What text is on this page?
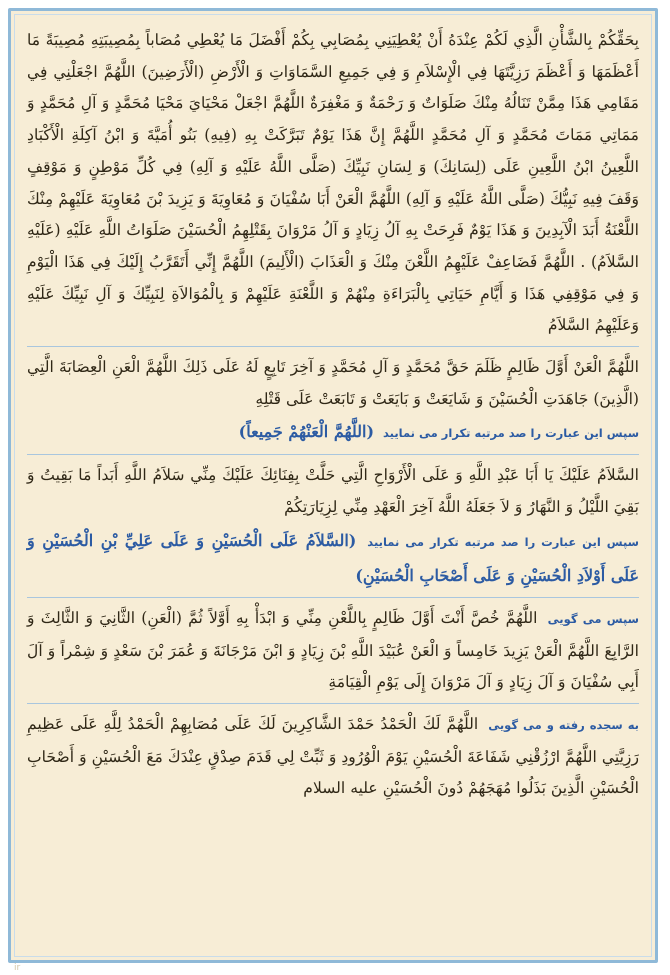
بِحَقِّكُمْ بِالشَّأْنِ الَّذِي لَكُمْ عِنْدَهُ أَنْ يُعْطِيَنِي بِمُصَابِي بِكُمْ أَفْضَلَ مَا يُعْطِي مُصَاباً بِمُصِيبَتِهِ مُصِيبَةً مَا أَعْظَمَهَا وَ أَعْظَمَ رَزِيَّتَهَا فِي الْإِسْلاَمِ وَ فِي جَمِيعِ السَّمَاوَاتِ وَ الْأَرْضِ (الْأَرَضِينَ) اللَّهُمَّ اجْعَلْنِي فِي مَقَامِي هَذَا مِمَّنْ تَنَالُهُ مِنْكَ صَلَوَاتٌ وَ رَحْمَةٌ وَ مَغْفِرَةٌ اللَّهُمَّ اجْعَلْ مَحْيَايَ مَحْيَا مُحَمَّدٍ وَ آلِ مُحَمَّدٍ وَ مَمَاتِي مَمَاتَ مُحَمَّدٍ وَ آلِ مُحَمَّدٍ اللَّهُمَّ إِنَّ هَذَا يَوْمٌ تَبَرَّكَتْ بِهِ (فِيهِ) بَنُو أُمَيَّةَ وَ ابْنُ آكِلَةِ الْأَكْبَادِ اللَّعِينُ ابْنُ اللَّعِينِ عَلَى (لِسَانِكَ) وَ لِسَانِ نَبِيِّكَ (صَلَّى اللَّهُ عَلَيْهِ وَ آلِهِ) فِي كُلِّ مَوْطِنٍ وَ مَوْقِفٍ وَقَفَ فِيهِ نَبِيُّكَ (صَلَّى اللَّهُ عَلَيْهِ وَ آلِهِ) اللَّهُمَّ الْعَنْ أَبَا سُفْيَانَ وَ مُعَاوِيَةَ وَ يَزِيدَ بْنَ مُعَاوِيَةَ عَلَيْهِمْ مِنْكَ اللَّعْنَةُ أَبَدَ الْآبِدِينَ وَ هَذَا يَوْمٌ فَرِحَتْ بِهِ آلُ زِيَادٍ وَ آلُ مَرْوَانَ بِقَتْلِهِمُ الْحُسَيْنَ صَلَوَاتُ اللَّهِ عَلَيْهِ (عَلَيْهِ السَّلاَمُ) . اللَّهُمَّ فَضَاعِفْ عَلَيْهِمُ اللَّعْنَ مِنْكَ وَ الْعَذَابَ (الْأَلِيمَ) اللَّهُمَّ إِنِّي أَتَقَرَّبُ إِلَيْكَ فِي هَذَا الْيَوْمِ وَ فِي مَوْقِفِي هَذَا وَ أَيَّامِ حَيَاتِي بِالْبَرَاءَةِ مِنْهُمْ وَ اللَّعْنَةِ عَلَيْهِمْ وَ بِالْمُوَالاَةِ لِنَبِيِّكَ وَ آلِ نَبِيِّكَ عَلَيْهِ وَعَلَيْهِمُ السَّلاَمُ

اللَّهُمَّ الْعَنْ أَوَّلَ ظَالِمٍ ظَلَمَ حَقَّ مُحَمَّدٍ وَ آلِ مُحَمَّدٍ وَ آخِرَ تَابِعٍ لَهُ عَلَى ذَلِكَ اللَّهُمَّ الْعَنِ الْعِصَابَةَ الَّتِي (الَّذِينَ) جَاهَدَتِ الْحُسَيْنَ وَ شَايَعَتْ وَ بَايَعَتْ وَ تَابَعَتْ عَلَى قَتْلِهِ

سپس این عبارت را صد مرتبه تکرار می نمایید (اللَّهُمَّ الْعَنْهُمْ جَمِيعاً)

السَّلاَمُ عَلَيْكَ يَا أَبَا عَبْدِ اللَّهِ وَ عَلَى الْأَرْوَاحِ الَّتِي حَلَّتْ بِفِنَائِكَ عَلَيْكَ مِنِّي سَلاَمُ اللَّهِ أَبَداً مَا بَقِيتُ وَ بَقِيَ اللَّيْلُ وَ النَّهَارُ وَ لاَ جَعَلَهُ اللَّهُ آخِرَ الْعَهْدِ مِنِّي لِزِيَارَتِكُمْ

سپس این عبارت را صد مرتبه تکرار می نمایید (السَّلاَمُ عَلَى الْحُسَيْنِ وَ عَلَى عَلِيِّ بْنِ الْحُسَيْنِ وَ عَلَى أَوْلاَدِ الْحُسَيْنِ وَ عَلَى أَصْحَابِ الْحُسَيْنِ)

سپس می گویی اللَّهُمَّ خُصَّ أَنْتَ أَوَّلَ ظَالِمٍ بِاللَّعْنِ مِنِّي وَ ابْدَأْ بِهِ أَوَّلاً ثُمَّ (الْعَنِ) الثَّانِيَ وَ الثَّالِثَ وَ الرَّابِعَ اللَّهُمَّ الْعَنْ يَزِيدَ خَامِساً وَ الْعَنْ عُبَيْدَ اللَّهِ بْنَ زِيَادٍ وَ ابْنَ مَرْجَانَةَ وَ عُمَرَ بْنَ سَعْدٍ وَ شِمْراً وَ آلَ أَبِي سُفْيَانَ وَ آلَ زِيَادٍ وَ آلَ مَرْوَانَ إِلَى يَوْمِ الْقِيَامَةِ

به سجده رفته و می گویی اللَّهُمَّ لَكَ الْحَمْدُ حَمْدَ الشَّاكِرِينَ لَكَ عَلَى مُصَابِهِمْ الْحَمْدُ لِلَّهِ عَلَى عَظِيمِ رَزِيَّتِي اللَّهُمَّ ارْزُقْنِي شَفَاعَةَ الْحُسَيْنِ يَوْمَ الْوُرُودِ وَ ثَبِّتْ لِي قَدَمَ صِدْقٍ عِنْدَكَ مَعَ الْحُسَيْنِ وَ أَصْحَابِ الْحُسَيْنِ الَّذِينَ بَذَلُوا مُهَجَهُمْ دُونَ الْحُسَيْنِ عليه السلام

ir
